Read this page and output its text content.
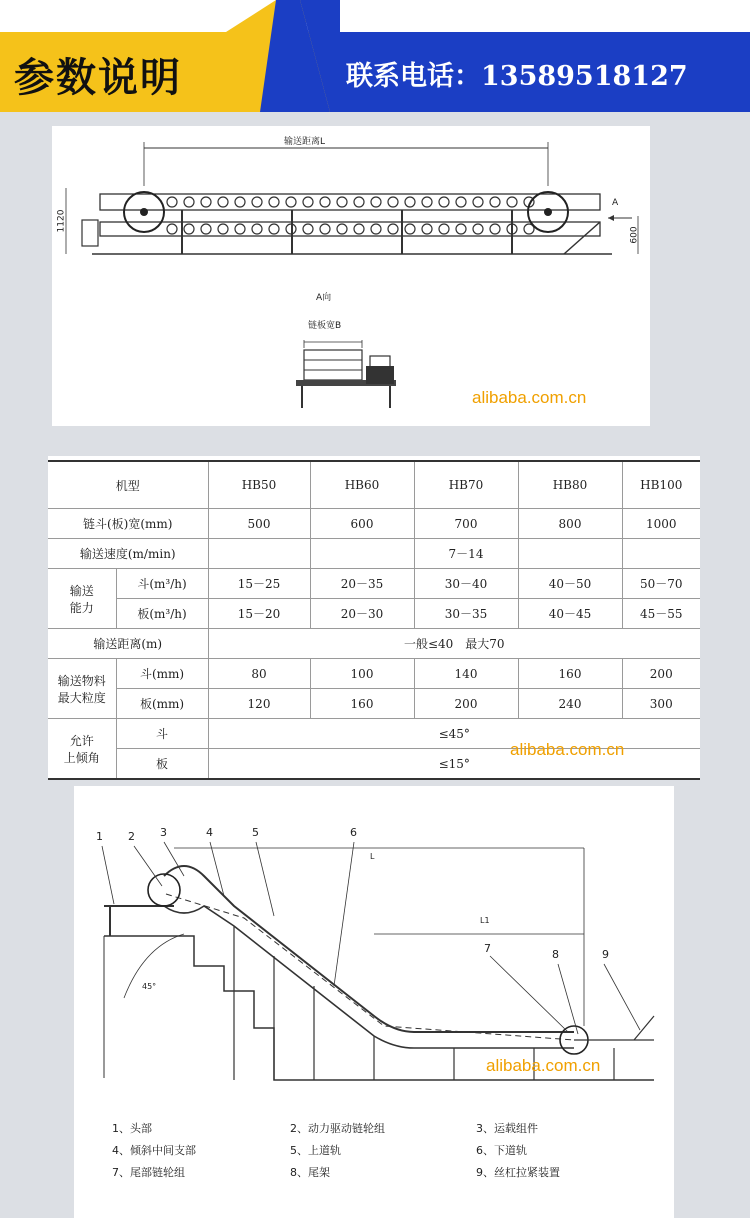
参数说明	联系电话：13589518127
输送距离L
1120
600
A
A向
链板宽B
alibaba.com.cn
机型		HB50	HB60	HB70	HB80	HB100
链斗(板)宽(mm)		500	600	700	800	1000
输送速度(m/min)				7－14		
输送
能力	斗(m³/h)	15－25	20－35	30－40	40－50	50－70
	板(m³/h)	15－20	20－30	30－35	40－45	45－55
输送距离(m)		一般≤40　最大70				
输送物料
最大粒度	斗(mm)	80	100	140	160	200
	板(mm)	120	160	200	240	300
允许
上倾角	斗	≤45°				
	板	≤15°				
alibaba.com.cn
1 2 3	4	5	6
7	8	9
L
L1
45°
alibaba.com.cn
1、头部	2、动力驱动链轮组	3、运载组件
4、倾斜中间支部	5、上道轨	6、下道轨
7、尾部链轮组	8、尾架	9、丝杠拉紧装置
